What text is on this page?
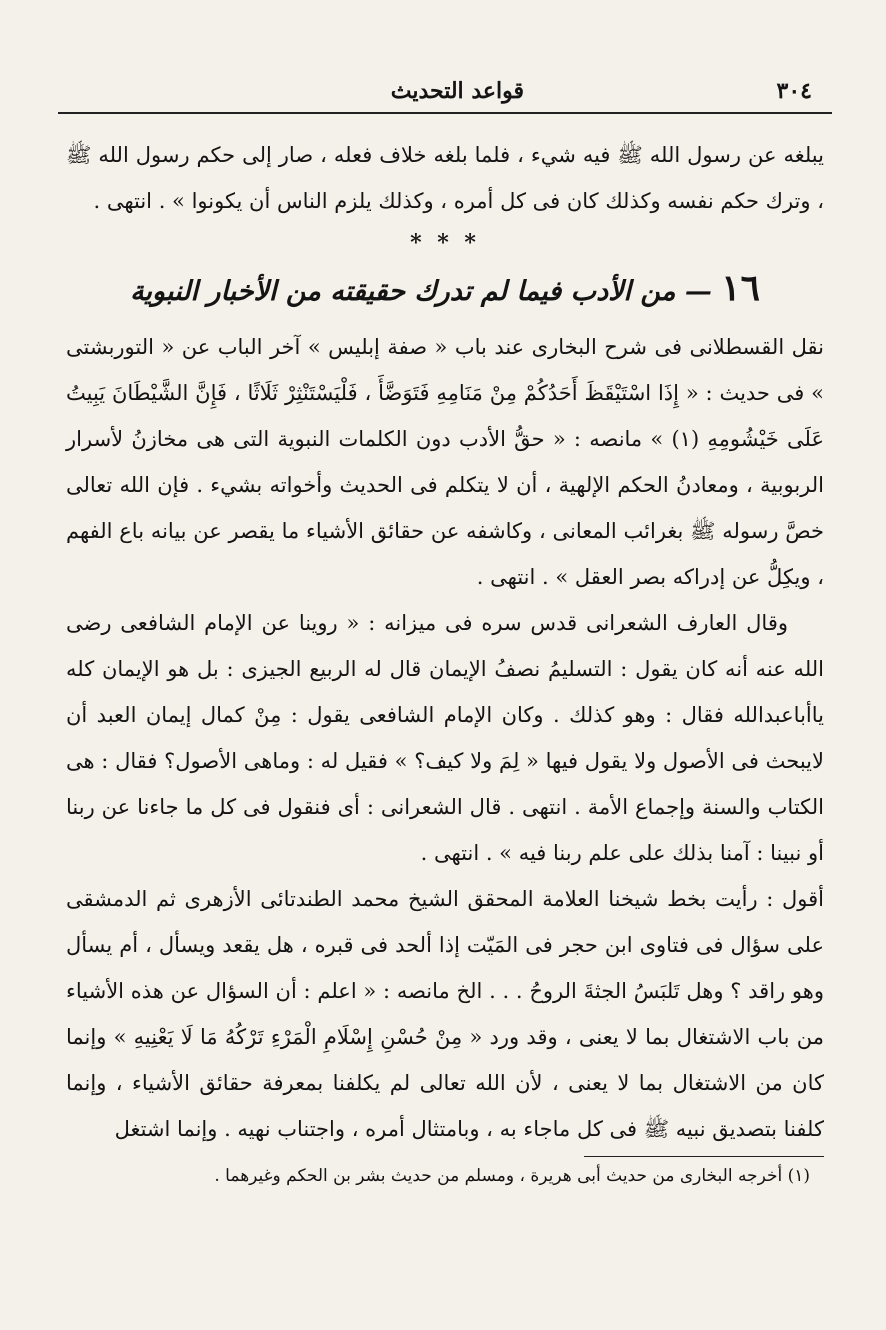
٣٠٤
قواعد التحديث

يبلغه عن رسول الله ﷺ فيه شيء ، فلما بلغه خلاف فعله ، صار إلى حكم رسول الله ﷺ ، وترك حكم نفسه وكذلك كان فى كل أمره ، وكذلك يلزم الناس أن يكونوا » . انتهى .

* * *
١٦ — من الأدب فيما لم تدرك حقيقته من الأخبار النبوية

نقل القسطلانى فى شرح البخارى عند باب « صفة إبليس » آخر الباب عن « التوربشتى » فى حديث : « إِذَا اسْتَيْقَظَ أَحَدُكُمْ مِنْ مَنَامِهِ فَتَوَضَّأَ ، فَلْيَسْتَنْثِرْ ثَلَاثًا ، فَإِنَّ الشَّيْطَانَ يَبِيتُ عَلَى خَيْشُومِهِ (١) » مانصه : « حقُّ الأدب دون الكلمات النبوية التى هى مخازنُ لأسرار الربوبية ، ومعادنُ الحكم الإلهية ، أن لا يتكلم فى الحديث وأخواته بشيء . فإن الله تعالى خصَّ رسوله ﷺ بغرائب المعانى ، وكاشفه عن حقائق الأشياء ما يقصر عن بيانه باع الفهم ، ويكِلُّ عن إدراكه بصر العقل » . انتهى .

وقال العارف الشعرانى قدس سره فى ميزانه : « روينا عن الإمام الشافعى رضى الله عنه أنه كان يقول : التسليمُ نصفُ الإيمان قال له الربيع الجيزى : بل هو الإيمان كله ياأباعبدالله فقال : وهو كذلك . وكان الإمام الشافعى يقول : مِنْ كمال إيمان العبد أن لايبحث فى الأصول ولا يقول فيها « لِمَ ولا كيف؟ » فقيل له : وماهى الأصول؟ فقال : هى الكتاب والسنة وإجماع الأمة . انتهى . قال الشعرانى : أى فنقول فى كل ما جاءنا عن ربنا أو نبينا : آمنا بذلك على علم ربنا فيه » . انتهى .

أقول : رأيت بخط شيخنا العلامة المحقق الشيخ محمد الطندتائى الأزهرى ثم الدمشقى على سؤال فى فتاوى ابن حجر فى المَيّت إذا ألحد فى قبره ، هل يقعد ويسأل ، أم يسأل وهو راقد ؟ وهل تَلبَسُ الجثةَ الروحُ . . . الخ مانصه : « اعلم : أن السؤال عن هذه الأشياء من باب الاشتغال بما لا يعنى ، وقد ورد « مِنْ حُسْنِ إِسْلَامِ الْمَرْءِ تَرْكُهُ مَا لَا يَعْنِيهِ » وإنما كان من الاشتغال بما لا يعنى ، لأن الله تعالى لم يكلفنا بمعرفة حقائق الأشياء ، وإنما كلفنا بتصديق نبيه ﷺ فى كل ماجاء به ، وبامتثال أمره ، واجتناب نهيه . وإنما اشتغل

(١) أخرجه البخارى من حديث أبى هريرة ، ومسلم من حديث بشر بن الحكم وغيرهما .
